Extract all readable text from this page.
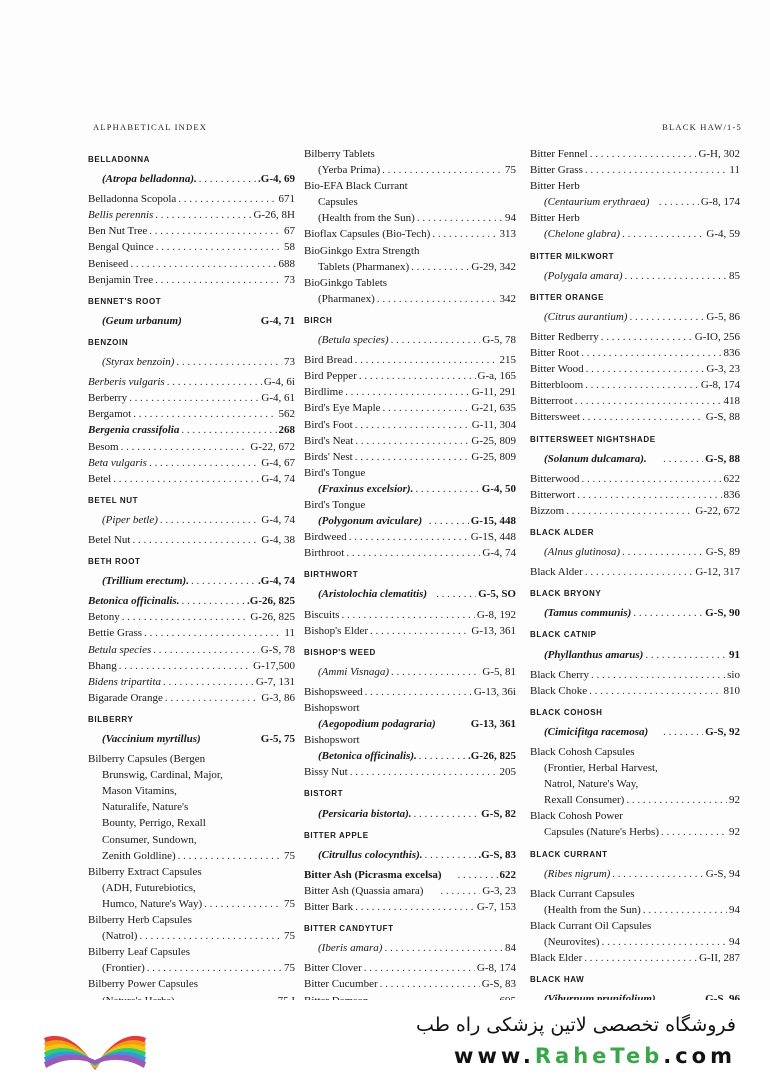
ALPHABETICAL INDEX	BLACK HAW/1-5
BELLADONNA
(Atropa belladonna). . . .	.G-4, 69
Belladonna Scopola . . .	671
Bellis perennis . . .	G-26, 8H
Ben Nut Tree . . .	67
Bengal Quince . . .	58
Beniseed . . .	688
Benjamin Tree . . .	73
BENNET'S ROOT
(Geum urbanum)	G-4, 71
BENZOIN
(Styrax benzoin) . . .	73
Berberis vulgaris . . .	G-4, 6i
Berberry . . .	G-4, 61
Bergamot . . .	562
Bergenia crassifolia . . .	268
Besom . . .	G-22, 672
Beta vulgaris . . .	G-4, 67
Betel . . .	G-4, 74
BETEL NUT
(Piper betle) . . .	G-4, 74
Betel Nut . . .	G-4, 38
BETH ROOT
(Trillium erectum). . . .	.G-4, 74
Betonica officinalis. . . .	.G-26, 825
Betony . . .	G-26, 825
Bettie Grass . . .	11
Betula species . . .	G-S, 78
Bhang . . .	G-17,500
Bidens tripartita . . .	G-7, 131
Bigarade Orange . . .	G-3, 86
BILBERRY
(Vaccinium myrtillus)	G-5, 75
Bilberry Capsules (Bergen
Brunswig, Cardinal, Major,
Mason Vitamins,
Naturalife, Nature's
Bounty, Perrigo, Rexall
Consumer, Sundown,
Zenith Goldline) . . .	75
Bilberry Extract Capsules
(ADH, Futurebiotics,
Humco, Nature's Way) . . .	75
Bilberry Herb Capsules
(Natrol) . . .	75
Bilberry Leaf Capsules
(Frontier) . . .	75
Bilberry Power Capsules
. . .
Bilberry Tablets
(Yerba Prima) . . .	75
Bio-EFA Black Currant
Capsules
(Health from the Sun) . . .	94
Bioflax Capsules (Bio-Tech) . . .	313
BioGinkgo Extra Strength
Tablets (Pharmanex) . . .	G-29, 342
BioGinkgo Tablets
(Pharmanex) . . .	342
BIRCH
(Betula species) . . .	G-5, 78
Bird Bread . . .	215
Bird Pepper . . .	G-a, 165
Birdlime . . .	G-11, 291
Bird's Eye Maple . . .	G-21, 635
Bird's Foot . . .	G-11, 304
Bird's Neat . . .	G-25, 809
Birds' Nest . . .	G-25, 809
Bird's Tongue
(Fraxinus excelsior). . . .	G-4, 50
Bird's Tongue
(Polygonum aviculare) . . .	G-15, 448
Birdweed . . .	G-1S, 448
Birthroot . . .	G-4, 74
BIRTHWORT
(Aristolochia clematitis) . . .	G-5, SO
Biscuits . . .	G-8, 192
Bishop's Elder . . .	G-13, 361
BISHOP'S WEED
(Ammi Visnaga) . . .	G-5, 81
Bishopsweed . . .	G-13, 36i
Bishopswort
(Aegopodium podagraria)	G-13, 361
Bishopswort
(Betonica officinalis). . . .	.G-26, 825
Bissy Nut . . .	205
BISTORT
(Persicaria bistorta). . . .	G-S, 82
BITTER APPLE
(Citrullus colocynthis). . . .	.G-S, 83
Bitter Ash (Picrasma excelsa) . . .	622
Bitter Ash (Quassia amara) . . .	G-3, 23
Bitter Bark . . .	G-7, 153
BITTER CANDYTUFT
(Iberis amara) . . .	84
Bitter Clover . . .	G-8, 174
Bitter Cucumber . . .	G-S, 83
. . .
Bitter Fennel . . .	G-H, 302
Bitter Grass . . .	11
Bitter Herb
(Centaurium erythraea) . . .	G-8, 174
Bitter Herb
(Chelone glabra) . . .	G-4, 59
BITTER MILKWORT
(Polygala amara) . . .	85
BITTER ORANGE
(Citrus aurantium) . . .	G-5, 86
Bitter Redberry . . .	G-IO, 256
Bitter Root . . .	836
Bitter Wood . . .	G-3, 23
Bitterbloom . . .	G-8, 174
Bitterroot . . .	418
Bittersweet . . .	G-S, 88
BITTERSWEET NIGHTSHADE
(Solanum dulcamara). . . .	G-S, 88
Bitterwood . . .	622
Bitterwort . . .	836
Bizzom . . .	G-22, 672
BLACK ALDER
(Alnus glutinosa) . . .	G-S, 89
Black Alder . . .	G-12, 317
BLACK BRYONY
(Tamus communis) . . .	G-S, 90
BLACK CATNIP
(Phyllanthus amarus) . . .	91
Black Cherry . . .	sio
Black Choke . . .	810
BLACK COHOSH
(Cimicifitga racemosa) . . .	G-S, 92
Black Cohosh Capsules
(Frontier, Herbal Harvest,
Natrol, Nature's Way,
Rexall Consumer) . . .	92
Black Cohosh Power
Capsules (Nature's Herbs) . . .	92
BLACK CURRANT
(Ribes nigrum) . . .	G-S, 94
Black Currant Capsules
(Health from the Sun) . . .	94
Black Currant Oil Capsules
(Neurovites) . . .	94
Black Elder . . .	G-II, 287
BLACK HAW
. . .
فروشگاه تخصصی لاتین پزشکی راه طب
www.RaheTeb.com
